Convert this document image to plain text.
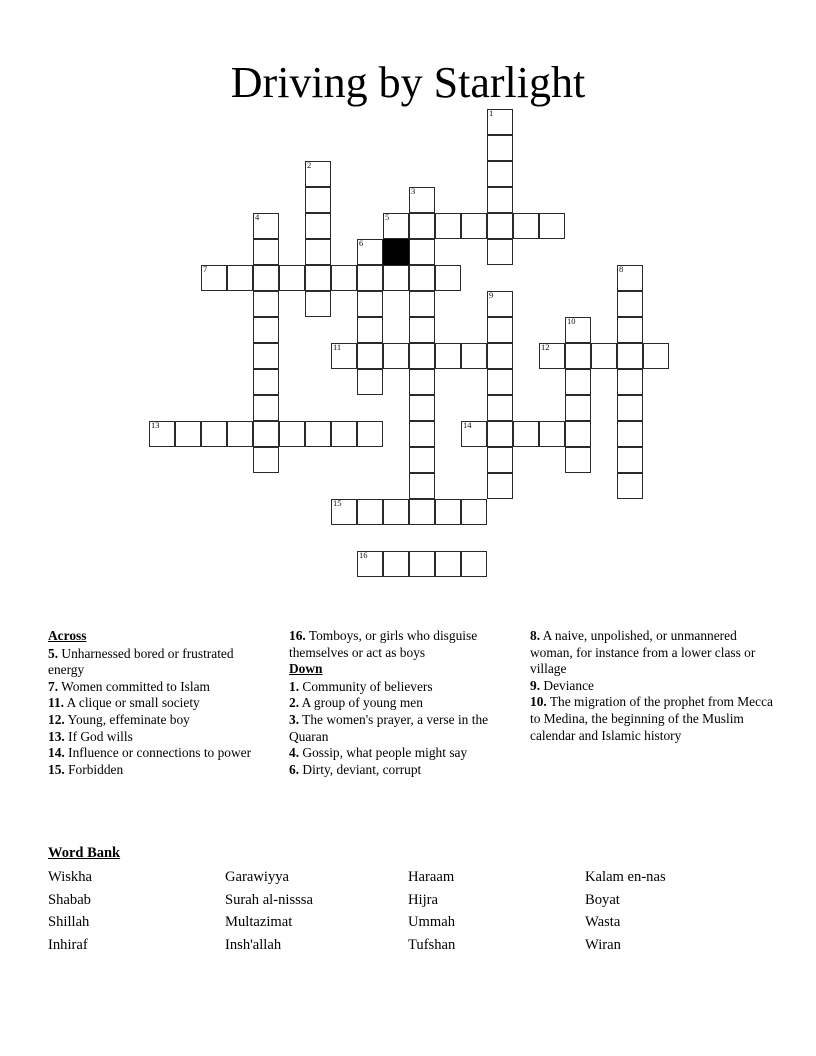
Driving by Starlight
1
2
3
4	5
6
7	8
9
10
11	12
13	14
15
16
Across
5. Unharnessed bored or frustrated energy
7. Women committed to Islam
11. A clique or small society
12. Young, effeminate boy
13. If God wills
14. Influence or connections to power
15. Forbidden
16. Tomboys, or girls who disguise themselves or act as boys
Down
1. Community of believers
2. A group of young men
3. The women's prayer, a verse in the Quaran
4. Gossip, what people might say
6. Dirty, deviant, corrupt
8. A naive, unpolished, or unmannered woman, for instance from a lower class or village
9. Deviance
10. The migration of the prophet from Mecca to Medina, the beginning of the Muslim calendar and Islamic history
Word Bank
Wiskha	Garawiyya	Haraam	Kalam en-nas
Shabab	Surah al-nisssa	Hijra	Boyat
Shillah	Multazimat	Ummah	Wasta
Inhiraf	Insh'allah	Tufshan	Wiran
